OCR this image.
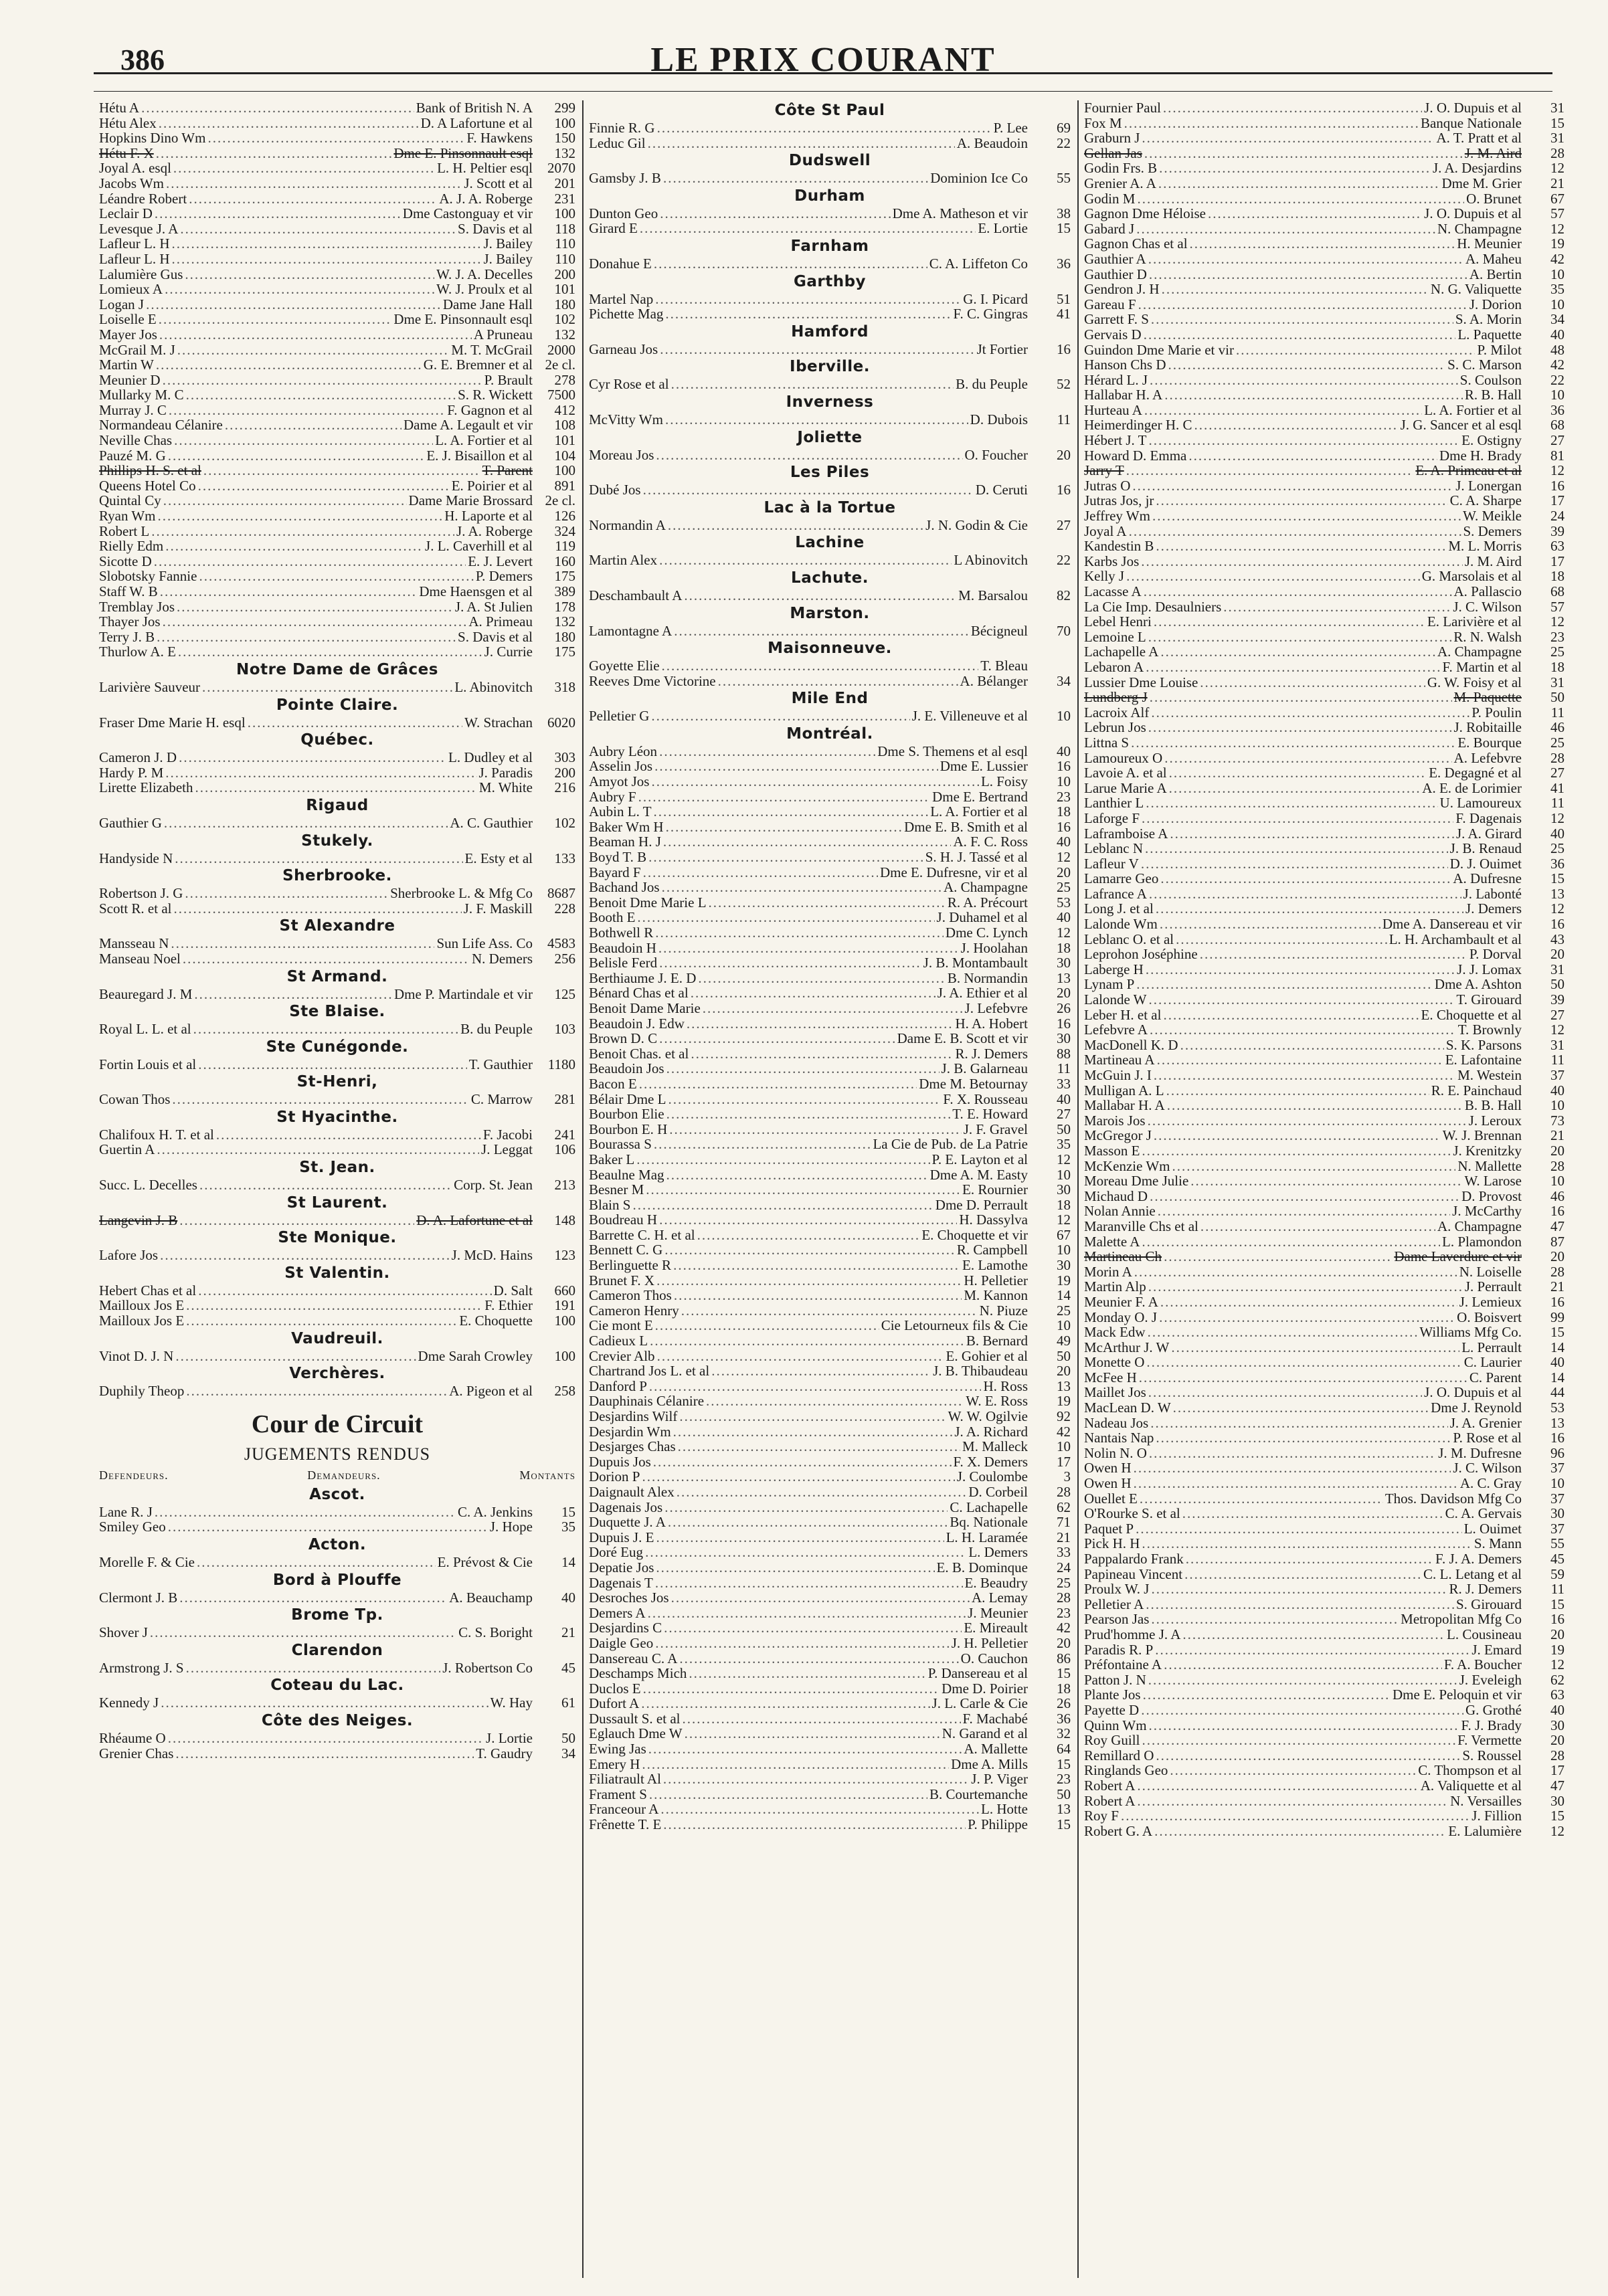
386	LE PRIX COURANT
Hétu A .....	Bank of British N. A	299
Hétu Alex .....	D. A Lafortune et al	100
Hopkins Dino Wm .....	F. Hawkens	150
Hétu F. X .....	Dme E. Pinsonnault esql	132
Joyal A. esql .....	L. H. Peltier esql	2070
Jacobs Wm .....	J. Scott et al	201
Léandre Robert .....	A. J. A. Roberge	231
Leclair D .....	Dme Castonguay et vir	100
Levesque J. A .....	S. Davis et al	118
Lafleur L. H .....	J. Bailey	110
Lafleur L. H .....	J. Bailey	110
Lalumière Gus .....	W. J. A. Decelles	200
Lomieux A .....	W. J. Proulx et al	101
Logan J .....	Dame Jane Hall	180
Loiselle E .....	Dme E. Pinsonnault esql	102
Mayer Jos .....	A Pruneau	132
McGrail M. J .....	M. T. McGrail	2000
Martin W .....	G. E. Bremner et al 2e cl.
Meunier D .....	P. Brault	278
Mullarky M. C .....	S. R. Wickett	7500
Murray J. C .....	F. Gagnon et al	412
Normandeau Célanire .....	Dame A. Legault et vir	108
Neville Chas .....	L. A. Fortier et al	101
Pauzé M. G .....	E. J. Bisaillon et al	104
Phillips H. S. et al .....	T. Parent	100
Queens Hotel Co .....	E. Poirier et al	891
Quintal Cy .....	Dame Marie Brossard 2e cl.
Ryan Wm .....	H. Laporte et al	126
Robert L .....	J. A. Roberge	324
Rielly Edm .....	J. L. Caverhill et al	119
Sicotte D .....	E. J. Levert	160
Slobotsky Fannie .....	P. Demers	175
Staff W. B .....	Dme Haensgen et al	389
Tremblay Jos .....	J. A. St Julien	178
Thayer Jos .....	A. Primeau	132
Terry J. B .....	S. Davis et al	180
Thurlow A. E .....	J. Currie	175
Notre Dame de Grâces
Larivière Sauveur .....	L. Abinovitch	318
Pointe Claire.
Fraser Dme Marie H. esql .....	W. Strachan	6020
Québec.
Cameron J. D .....	L. Dudley et al	303
Hardy P. M .....	J. Paradis	200
Lirette Elizabeth .....	M. White	216
Rigaud
Gauthier G .....	A. C. Gauthier	102
Stukely.
Handyside N .....	E. Esty et al	133
Sherbrooke.
Robertson J. G .....	Sherbrooke L. & Mfg Co	8687
Scott R. et al .....	J. F. Maskill	228
St Alexandre
Mansseau N .....	Sun Life Ass. Co	4583
Manseau Noel .....	N. Demers	256
St Armand.
Beauregard J. M .....	Dme P. Martindale et vir	125
Ste Blaise.
Royal L. L. et al .....	B. du Peuple	103
Ste Cunégonde.
Fortin Louis et al .....	T. Gauthier	1180
St-Henri,
Cowan Thos .....	C. Marrow	281
St Hyacinthe.
Chalifoux H. T. et al .....	F. Jacobi	241
Guertin A .....	J. Leggat	106
St. Jean.
Succ. L. Decelles .....	Corp. St. Jean	213
St Laurent.
Langevin J. B .....	D. A. Lafortune et al	148
Ste Monique.
Lafore Jos .....	J. McD. Hains	123
St Valentin.
Hebert Chas et al .....	D. Salt	660
Mailloux Jos E .....	F. Ethier	191
Mailloux Jos E .....	E. Choquette	100
Vaudreuil.
Vinot D. J. N .....	Dme Sarah Crowley	100
Verchères.
Duphily Theop .....	A. Pigeon et al	258
Cour de Circuit
JUGEMENTS RENDUS
Defendeurs.	Demandeurs.	Montants
Ascot.
Lane R. J .....	C. A. Jenkins	15
Smiley Geo .....	J. Hope	35
Acton.
Morelle F. & Cie .....	E. Prévost & Cie	14
Bord à Plouffe
Clermont J. B .....	A. Beauchamp	40
Brome Tp.
Shover J .....	C. S. Boright	21
Clarendon
Armstrong J. S .....	J. Robertson Co	45
Coteau du Lac.
Kennedy J .....	W. Hay	61
Côte des Neiges.
Rhéaume O .....	J. Lortie	50
Grenier Chas .....	T. Gaudry	34
Côte St Paul
Finnie R. G .....	P. Lee	69
Leduc Gil .....	A. Beaudoin	22
Dudswell
Gamsby J. B .....	Dominion Ice Co	55
Durham
Dunton Geo .....	Dme A. Matheson et vir	38
Girard E .....	E. Lortie	15
Farnham
Donahue E .....	C. A. Liffeton Co	36
Garthby
Martel Nap .....	G. I. Picard	51
Pichette Mag .....	F. C. Gingras	41
Hamford
Garneau Jos .....	Jt Fortier	16
Iberville.
Cyr Rose et al .....	B. du Peuple	52
Inverness
McVitty Wm .....	D. Dubois	11
Joliette
Moreau Jos .....	O. Foucher	20
Les Piles
Dubé Jos .....	D. Ceruti	16
Lac à la Tortue
Normandin A .....	J. N. Godin & Cie	27
Lachine
Martin Alex .....	L Abinovitch	22
Lachute.
Deschambault A .....	M. Barsalou	82
Marston.
Lamontagne A .....	Bécigneul	70
Maisonneuve.
Goyette Elie .....	T. Bleau
Reeves Dme Victorine .....	A. Bélanger	34
Mile End
Pelletier G .....	J. E. Villeneuve et al	10
Montréal.
Aubry Léon .....	Dme S. Themens et al esql	40
Asselin Jos .....	Dme E. Lussier	16
Amyot Jos .....	L. Foisy	10
Aubry F .....	Dme E. Bertrand	23
Aubin L. T .....	L. A. Fortier et al	18
Baker Wm H .....	Dme E. B. Smith et al	16
Beaman H. J .....	A. F. C. Ross	40
Boyd T. B .....	S. H. J. Tassé et al	12
Bayard F .....	Dme E. Dufresne, vir et al	20
Bachand Jos .....	A. Champagne	25
Benoit Dme Marie L .....	R. A. Précourt	53
Booth E .....	J. Duhamel et al	40
Bothwell R .....	Dme C. Lynch	12
Beaudoin H .....	J. Hoolahan	18
Belisle Ferd .....	J. B. Montambault	30
Berthiaume J. E. D .....	B. Normandin	13
Bénard Chas et al .....	J. A. Ethier et al	20
Benoit Dame Marie .....	J. Lefebvre	26
Beaudoin J. Edw .....	H. A. Hobert	16
Brown D. C .....	Dame E. B. Scott et vir	30
Benoit Chas. et al .....	R. J. Demers	88
Beaudoin Jos .....	J. B. Galarneau	11
Bacon E .....	Dme M. Betournay	33
Bélair Dme L .....	F. X. Rousseau	40
Bourbon Elie .....	T. E. Howard	27
Bourbon E. H .....	J. F. Gravel	50
Bourassa S .....	La Cie de Pub. de La Patrie	35
Baker L .....	P. E. Layton et al	12
Beaulne Mag .....	Dme A. M. Easty	10
Besner M .....	E. Rournier	30
Blain S .....	Dme D. Perrault	18
Boudreau H .....	H. Dassylva	12
Barrette C. H. et al .....	E. Choquette et vir	67
Bennett C. G .....	R. Campbell	10
Berlinguette R .....	E. Lamothe	30
Brunet F. X .....	H. Pelletier	19
Cameron Thos .....	M. Kannon	14
Cameron Henry .....	N. Piuze	25
Cie mont E .....	Cie Letourneux fils & Cie	10
Cadieux L .....	B. Bernard	49
Crevier Alb .....	E. Gohier et al	50
Chartrand Jos L. et al .....	J. B. Thibaudeau	20
Danford P .....	H. Ross	13
Dauphinais Célanire .....	W. E. Ross	19
Desjardins Wilf .....	W. W. Ogilvie	92
Desjardin Wm .....	J. A. Richard	42
Desjarges Chas .....	M. Malleck	10
Dupuis Jos .....	F. X. Demers	17
Dorion P .....	J. Coulombe	3
Daignault Alex .....	D. Corbeil	28
Dagenais Jos .....	C. Lachapelle	62
Duquette J. A .....	Bq. Nationale	71
Dupuis J. E .....	L. H. Laramée	21
Doré Eug .....	L. Demers	33
Depatie Jos .....	E. B. Dominque	24
Dagenais T .....	E. Beaudry	25
Desroches Jos .....	A. Lemay	28
Demers A .....	J. Meunier	23
Desjardins C .....	E. Mireault	42
Daigle Geo .....	J. H. Pelletier	20
Dansereau C. A .....	O. Cauchon	86
Deschamps Mich .....	P. Dansereau et al	15
Duclos E .....	Dme D. Poirier	18
Dufort A .....	J. L. Carle & Cie	26
Dussault S. et al .....	F. Machabé	36
Eglauch Dme W .....	N. Garand et al	32
Ewing Jas .....	A. Mallette	64
Emery H .....	Dme A. Mills	15
Filiatrault Al .....	J. P. Viger	23
Frament S .....	B. Courtemanche	50
Franceour A .....	L. Hotte	13
Frênette T. E .....	P. Philippe	15
Fournier Paul .....	J. O. Dupuis et al	31
Fox M .....	Banque Nationale	15
Graburn J .....	A. T. Pratt et al	31
Gellan Jas .....	J. M. Aird	28
Godin Frs. B .....	J. A. Desjardins	12
Grenier A. A .....	Dme M. Grier	21
Godin M .....	O. Brunet	67
Gagnon Dme Héloise .....	J. O. Dupuis et al	57
Gabard J .....	N. Champagne	12
Gagnon Chas et al .....	H. Meunier	19
Gauthier A .....	A. Maheu	42
Gauthier D .....	A. Bertin	10
Gendron J. H .....	N. G. Valiquette	35
Gareau F .....	J. Dorion	10
Garrett F. S .....	S. A. Morin	34
Gervais D .....	L. Paquette	40
Guindon Dme Marie et vir .....	P. Milot	48
Hanson Chs D .....	S. C. Marson	42
Hérard L. J .....	S. Coulson	22
Hallabar H. A .....	R. B. Hall	10
Hurteau A .....	L. A. Fortier et al	36
Heimerdinger H. C .....	J. G. Sancer et al esql	68
Hébert J. T .....	E. Ostigny	27
Howard D. Emma .....	Dme H. Brady	81
Jarry T .....	E. A. Primeau et al	12
Jutras O .....	J. Lonergan	16
Jutras Jos, jr .....	C. A. Sharpe	17
Jeffrey Wm .....	W. Meikle	24
Joyal A .....	S. Demers	39
Kandestin B .....	M. L. Morris	63
Karbs Jos .....	J. M. Aird	17
Kelly J .....	G. Marsolais et al	18
Lacasse A .....	A. Pallascio	68
La Cie Imp. Desaulniers .....	J. C. Wilson	57
Lebel Henri .....	E. Larivière et al	12
Lemoine L .....	R. N. Walsh	23
Lachapelle A .....	A. Champagne	25
Lebaron A .....	F. Martin et al	18
Lussier Dme Louise .....	G. W. Foisy et al	31
Lundberg J .....	M. Paquette	50
Lacroix Alf .....	P. Poulin	11
Lebrun Jos .....	J. Robitaille	46
Littna S .....	E. Bourque	25
Lamoureux O .....	A. Lefebvre	28
Lavoie A. et al .....	E. Degagné et al	27
Larue Marie A .....	A. E. de Lorimier	41
Lanthier L .....	U. Lamoureux	11
Laforge F .....	F. Dagenais	12
Laframboise A .....	J. A. Girard	40
Leblanc N .....	J. B. Renaud	25
Lafleur V .....	D. J. Ouimet	36
Lamarre Geo .....	A. Dufresne	15
Lafrance A .....	J. Labonté	13
Long J. et al .....	J. Demers	12
Lalonde Wm .....	Dme A. Dansereau et vir	16
Leblanc O. et al .....	L. H. Archambault et al	43
Leprohon Joséphine .....	P. Dorval	20
Laberge H .....	J. J. Lomax	31
Lynam P .....	Dme A. Ashton	50
Lalonde W .....	T. Girouard	39
Leber H. et al .....	E. Choquette et al	27
Lefebvre A .....	T. Brownly	12
MacDonell K. D .....	S. K. Parsons	31
Martineau A .....	E. Lafontaine	11
McGuin J. I .....	M. Westein	37
Mulligan A. L .....	R. E. Painchaud	40
Mallabar H. A .....	B. B. Hall	10
Marois Jos .....	J. Leroux	73
McGregor J .....	W. J. Brennan	21
Masson E .....	J. Krenitzky	20
McKenzie Wm .....	N. Mallette	28
Moreau Dme Julie .....	W. Larose	10
Michaud D .....	D. Provost	46
Nolan Annie .....	J. McCarthy	16
Maranville Chs et al .....	A. Champagne	47
Malette A .....	L. Plamondon	87
Martineau Ch .....	Dame Laverdure et vir	20
Morin A .....	N. Loiselle	28
Martin Alp .....	J. Perrault	21
Meunier F. A .....	J. Lemieux	16
Monday O. J .....	O. Boisvert	99
Mack Edw .....	Williams Mfg Co.	15
McArthur J. W .....	L. Perrault	14
Monette O .....	C. Laurier	40
McFee H .....	C. Parent	14
Maillet Jos .....	J. O. Dupuis et al	44
MacLean D. W .....	Dme J. Reynold	53
Nadeau Jos .....	J. A. Grenier	13
Nantais Nap .....	P. Rose et al	16
Nolin N. O .....	J. M. Dufresne	96
Owen H .....	J. C. Wilson	37
Owen H .....	A. C. Gray	10
Ouellet E .....	Thos. Davidson Mfg Co	37
O'Rourke S. et al .....	C. A. Gervais	30
Paquet P .....	L. Ouimet	37
Pick H. H .....	S. Mann	55
Pappalardo Frank .....	F. J. A. Demers	45
Papineau Vincent .....	C. L. Letang et al	59
Proulx W. J .....	R. J. Demers	11
Pelletier A .....	S. Girouard	15
Pearson Jas .....	Metropolitan Mfg Co	16
Prud'homme J. A .....	L. Cousineau	20
Paradis R. P .....	J. Emard	19
Préfontaine A .....	F. A. Boucher	12
Patton J. N .....	J. Eveleigh	62
Plante Jos .....	Dme E. Peloquin et vir	63
Payette D .....	G. Grothé	40
Quinn Wm .....	F. J. Brady	30
Roy Guill .....	F. Vermette	20
Remillard O .....	S. Roussel	28
Ringlands Geo .....	C. Thompson et al	17
Robert A .....	A. Valiquette et al	47
Robert A .....	N. Versailles	30
Roy F .....	J. Fillion	15
Robert G. A .....	E. Lalumière	12
